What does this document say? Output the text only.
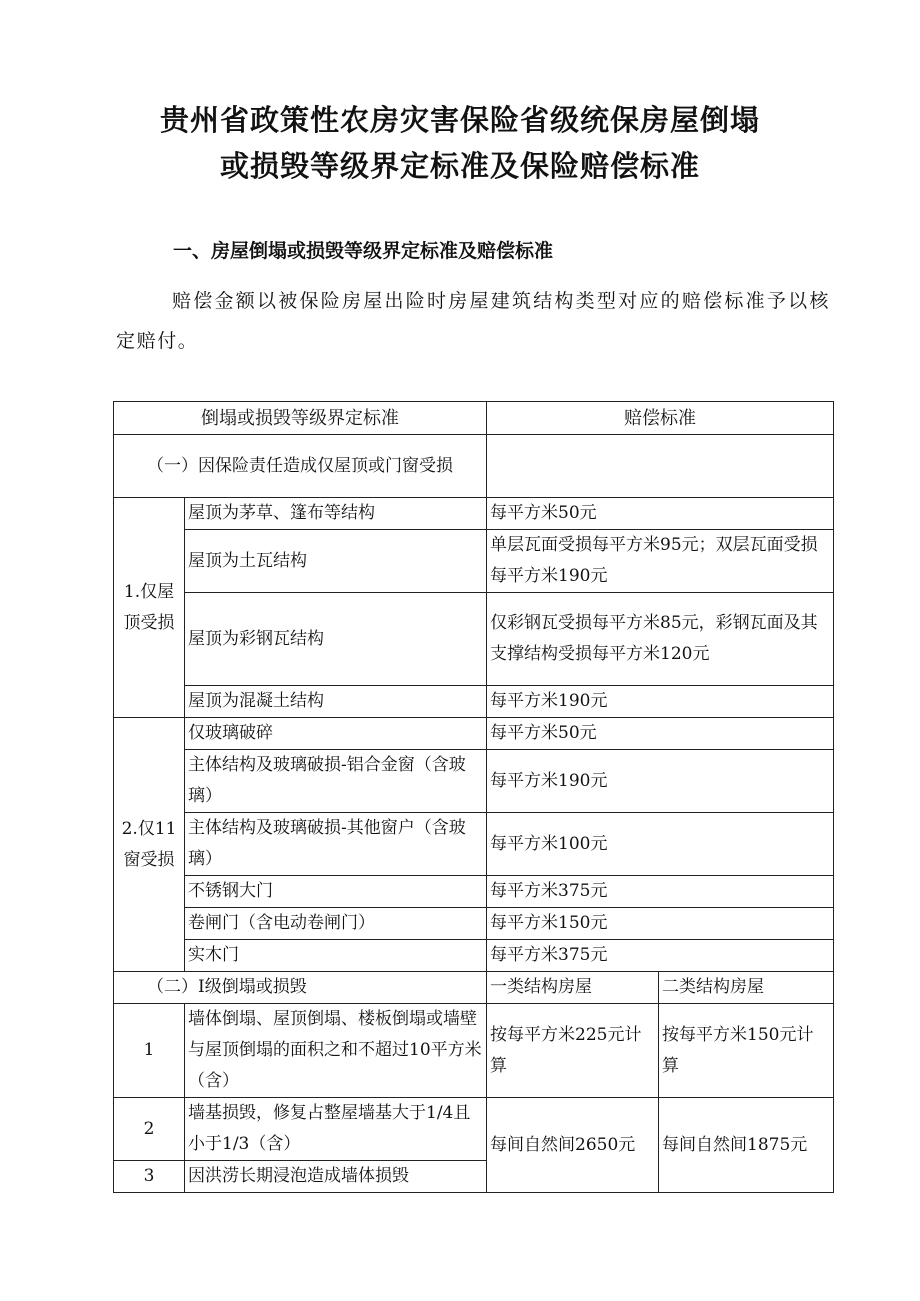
贵州省政策性农房灾害保险省级统保房屋倒塌
或损毁等级界定标准及保险赔偿标准
一、房屋倒塌或损毁等级界定标准及赔偿标准
赔偿金额以被保险房屋出险时房屋建筑结构类型对应的赔偿标准予以核定赔付。
倒塌或损毁等级界定标准		赔偿标准	
（一）因保险责任造成仅屋顶或门窗受损			
1.仅屋顶受损	屋顶为茅草、篷布等结构	每平方米50元	
	屋顶为土瓦结构	单层瓦面受损每平方米95元；双层瓦面受损每平方米190元	
	屋顶为彩钢瓦结构	仅彩钢瓦受损每平方米85元，彩钢瓦面及其支撑结构受损每平方米120元	
	屋顶为混凝土结构	每平方米190元	
2.仅11窗受损	仅玻璃破碎	每平方米50元	
	主体结构及玻璃破损-铝合金窗（含玻璃）	每平方米190元	
	主体结构及玻璃破损-其他窗户（含玻璃）	每平方米100元	
	不锈钢大门	每平方米375元	
	卷闸门（含电动卷闸门）	每平方米150元	
	实木门	每平方米375元	
（二）I级倒塌或损毁		一类结构房屋	二类结构房屋
1	墙体倒塌、屋顶倒塌、楼板倒塌或墙壁与屋顶倒塌的面积之和不超过10平方米（含）	按每平方米225元计算	按每平方米150元计算
2	墙基损毁，修复占整屋墙基大于1/4且小于1/3（含）	每间自然间2650元	每间自然间1875元
3	因洪涝长期浸泡造成墙体损毁		
